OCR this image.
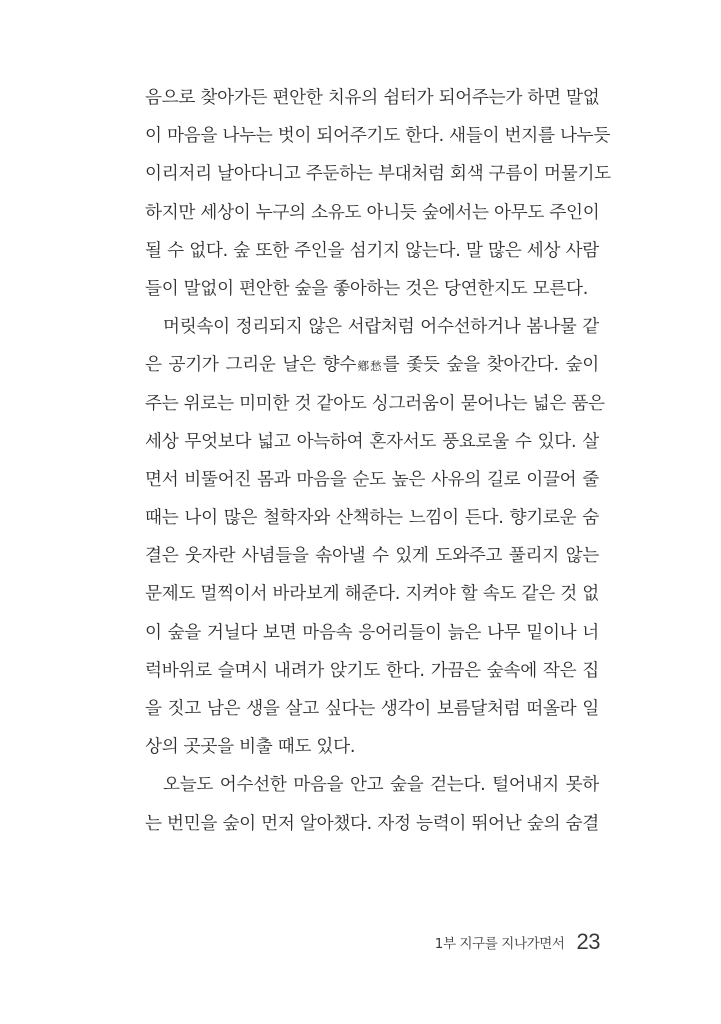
음으로 찾아가든 편안한 치유의 쉼터가 되어주는가 하면 말없
이 마음을 나누는 벗이 되어주기도 한다. 새들이 번지를 나누듯
이리저리 날아다니고 주둔하는 부대처럼 회색 구름이 머물기도
하지만 세상이 누구의 소유도 아니듯 숲에서는 아무도 주인이
될 수 없다. 숲 또한 주인을 섬기지 않는다. 말 많은 세상 사람
들이 말없이 편안한 숲을 좋아하는 것은 당연한지도 모른다.
머릿속이 정리되지 않은 서랍처럼 어수선하거나 봄나물 같
은 공기가 그리운 날은 향수鄕愁를 좇듯 숲을 찾아간다. 숲이
주는 위로는 미미한 것 같아도 싱그러움이 묻어나는 넓은 품은
세상 무엇보다 넓고 아늑하여 혼자서도 풍요로울 수 있다. 살
면서 비뚤어진 몸과 마음을 순도 높은 사유의 길로 이끌어 줄
때는 나이 많은 철학자와 산책하는 느낌이 든다. 향기로운 숨
결은 웃자란 사념들을 솎아낼 수 있게 도와주고 풀리지 않는
문제도 멀찍이서 바라보게 해준다. 지켜야 할 속도 같은 것 없
이 숲을 거닐다 보면 마음속 응어리들이 늙은 나무 밑이나 너
럭바위로 슬며시 내려가 앉기도 한다. 가끔은 숲속에 작은 집
을 짓고 남은 생을 살고 싶다는 생각이 보름달처럼 떠올라 일
상의 곳곳을 비출 때도 있다.
오늘도 어수선한 마음을 안고 숲을 걷는다. 털어내지 못하
는 번민을 숲이 먼저 알아챘다. 자정 능력이 뛰어난 숲의 숨결
1부 지구를 지나가면서 23
